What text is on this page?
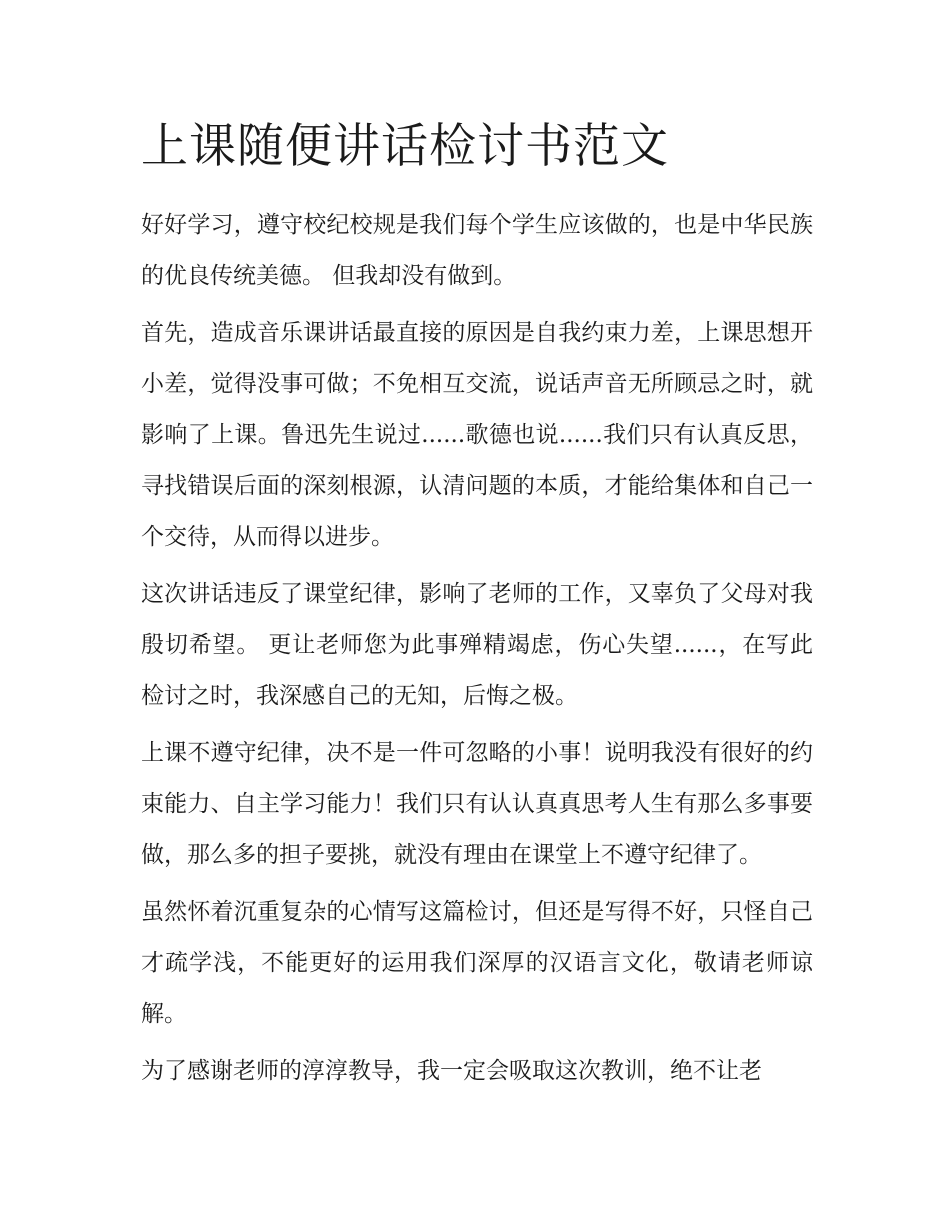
上课随便讲话检讨书范文

好好学习，遵守校纪校规是我们每个学生应该做的，也是中华民族的优良传统美德。 但我却没有做到。

首先，造成音乐课讲话最直接的原因是自我约束力差，上课思想开小差，觉得没事可做；不免相互交流，说话声音无所顾忌之时，就影响了上课。鲁迅先生说过......歌德也说......我们只有认真反思，寻找错误后面的深刻根源，认清问题的本质，才能给集体和自己一个交待，从而得以进步。

这次讲话违反了课堂纪律，影响了老师的工作，又辜负了父母对我殷切希望。 更让老师您为此事殚精竭虑，伤心失望......，在写此检讨之时，我深感自己的无知，后悔之极。

上课不遵守纪律，决不是一件可忽略的小事！说明我没有很好的约束能力、自主学习能力！我们只有认认真真思考人生有那么多事要做，那么多的担子要挑，就没有理由在课堂上不遵守纪律了。

虽然怀着沉重复杂的心情写这篇检讨，但还是写得不好，只怪自己才疏学浅，不能更好的运用我们深厚的汉语言文化，敬请老师谅解。

为了感谢老师的淳淳教导，我一定会吸取这次教训，绝不让老
